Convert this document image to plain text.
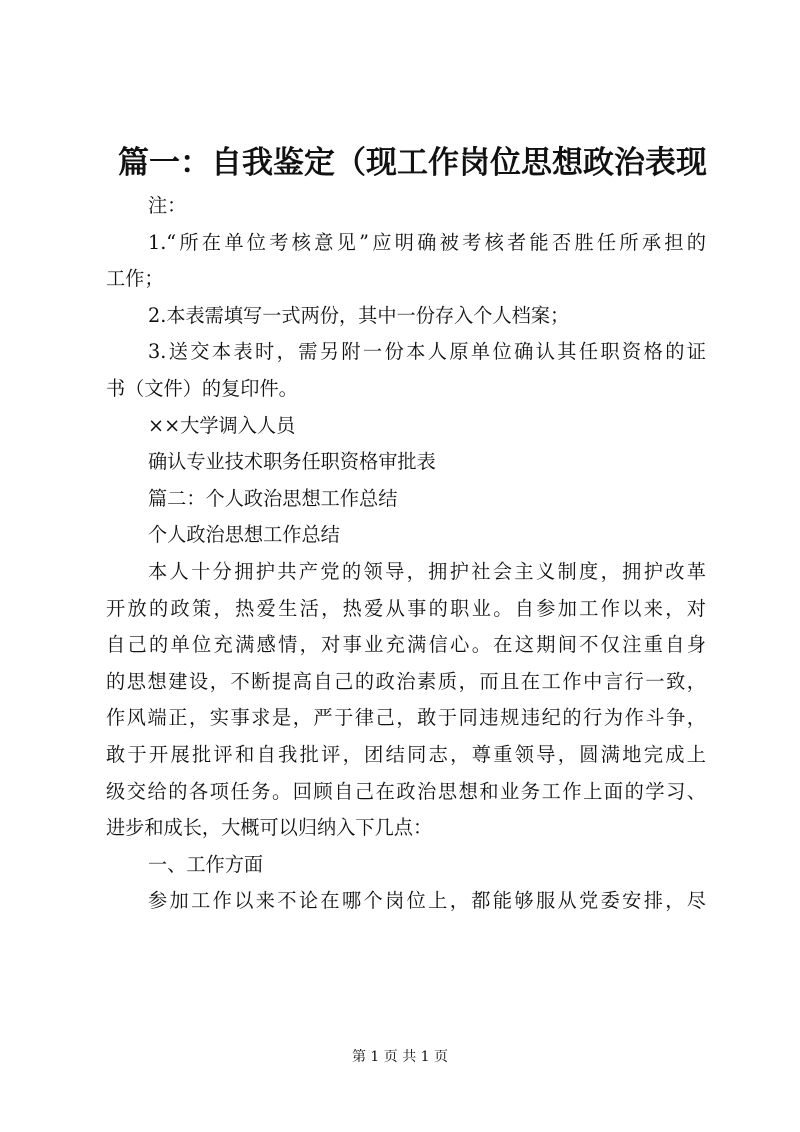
篇一：自我鉴定（现工作岗位思想政治表现

注：

1.“所在单位考核意见”应明确被考核者能否胜任所承担的

工作；

2.本表需填写一式两份，其中一份存入个人档案；

3.送交本表时，需另附一份本人原单位确认其任职资格的证

书（文件）的复印件。

××大学调入人员

确认专业技术职务任职资格审批表

篇二：个人政治思想工作总结

个人政治思想工作总结

本人十分拥护共产党的领导，拥护社会主义制度，拥护改革

开放的政策，热爱生活，热爱从事的职业。自参加工作以来，对

自己的单位充满感情，对事业充满信心。在这期间不仅注重自身

的思想建设，不断提高自己的政治素质，而且在工作中言行一致，

作风端正，实事求是，严于律己，敢于同违规违纪的行为作斗争，

敢于开展批评和自我批评，团结同志，尊重领导，圆满地完成上

级交给的各项任务。回顾自己在政治思想和业务工作上面的学习、

进步和成长，大概可以归纳入下几点：

一、工作方面

参加工作以来不论在哪个岗位上，都能够服从党委安排，尽

第 1 页 共 1 页
